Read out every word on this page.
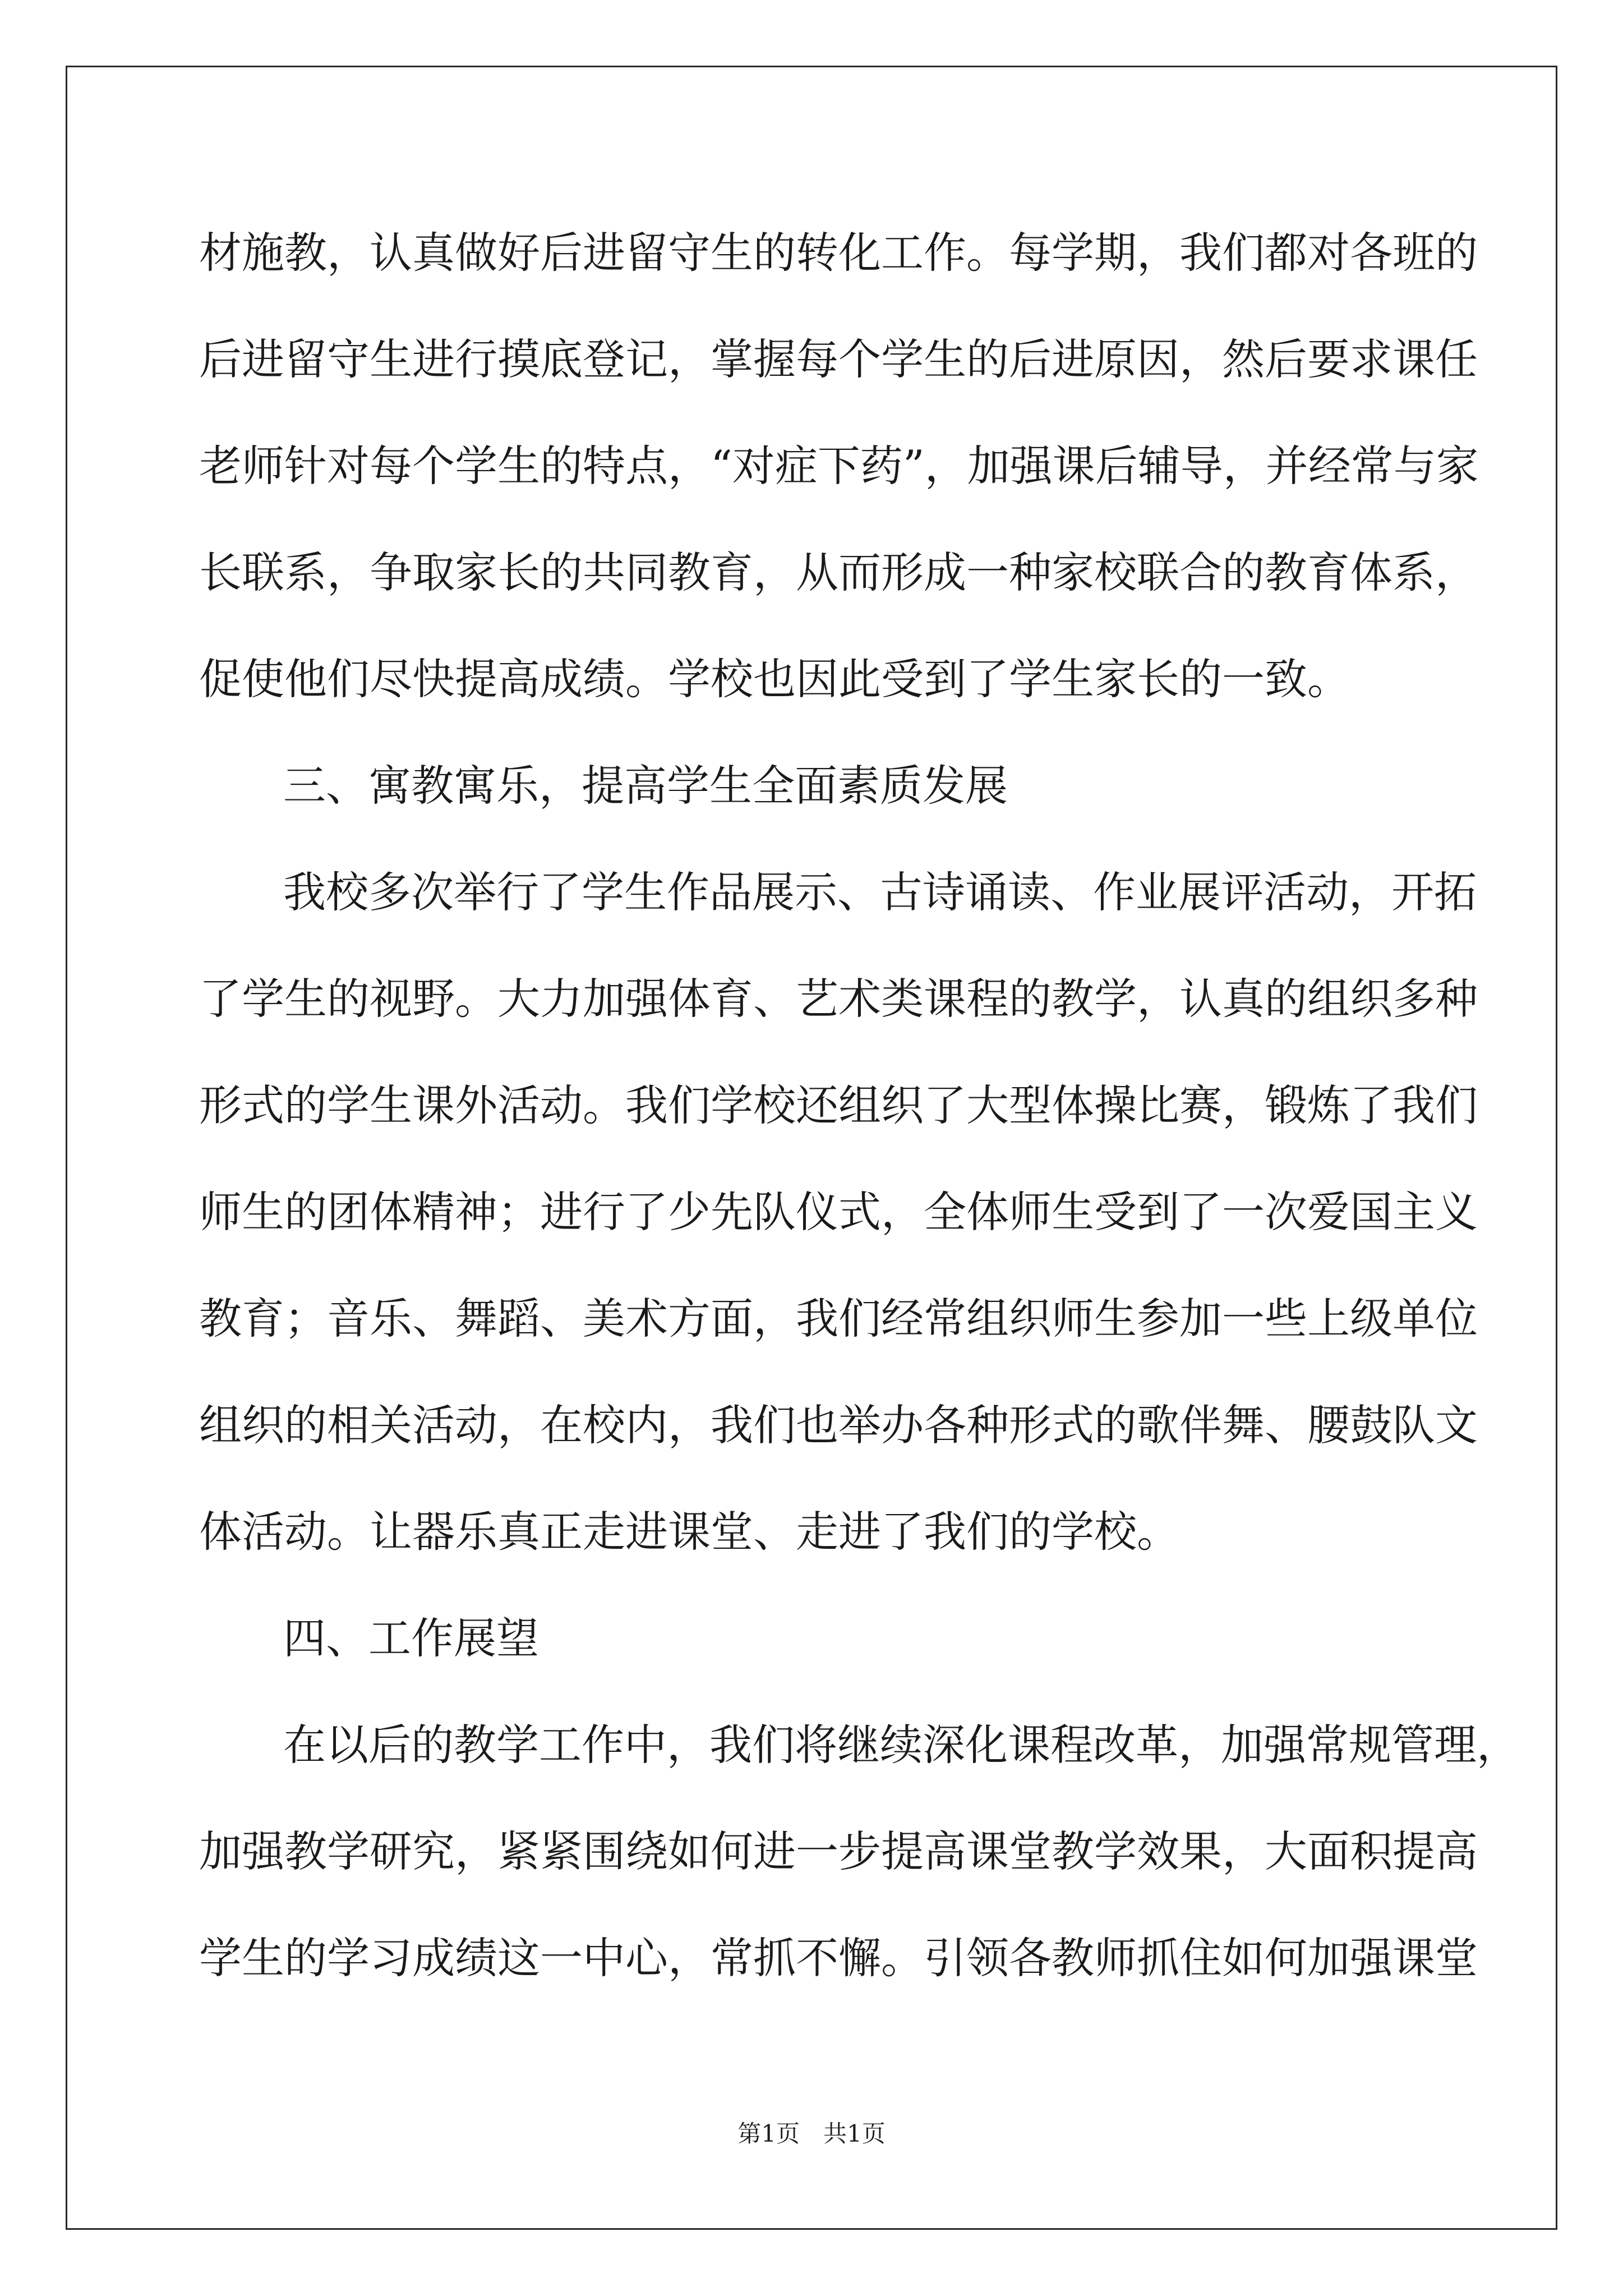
材施教，认真做好后进留守生的转化工作。每学期，我们都对各班的
后进留守生进行摸底登记，掌握每个学生的后进原因，然后要求课任
老师针对每个学生的特点，“对症下药”，加强课后辅导，并经常与家
长联系，争取家长的共同教育，从而形成一种家校联合的教育体系，
促使他们尽快提高成绩。学校也因此受到了学生家长的一致。
三、寓教寓乐，提高学生全面素质发展
我校多次举行了学生作品展示、古诗诵读、作业展评活动，开拓
了学生的视野。大力加强体育、艺术类课程的教学，认真的组织多种
形式的学生课外活动。我们学校还组织了大型体操比赛，锻炼了我们
师生的团体精神；进行了少先队仪式，全体师生受到了一次爱国主义
教育；音乐、舞蹈、美术方面，我们经常组织师生参加一些上级单位
组织的相关活动，在校内，我们也举办各种形式的歌伴舞、腰鼓队文
体活动。让器乐真正走进课堂、走进了我们的学校。
四、工作展望
在以后的教学工作中，我们将继续深化课程改革，加强常规管理，
加强教学研究，紧紧围绕如何进一步提高课堂教学效果，大面积提高
学生的学习成绩这一中心，常抓不懈。引领各教师抓住如何加强课堂
第1页　共1页
